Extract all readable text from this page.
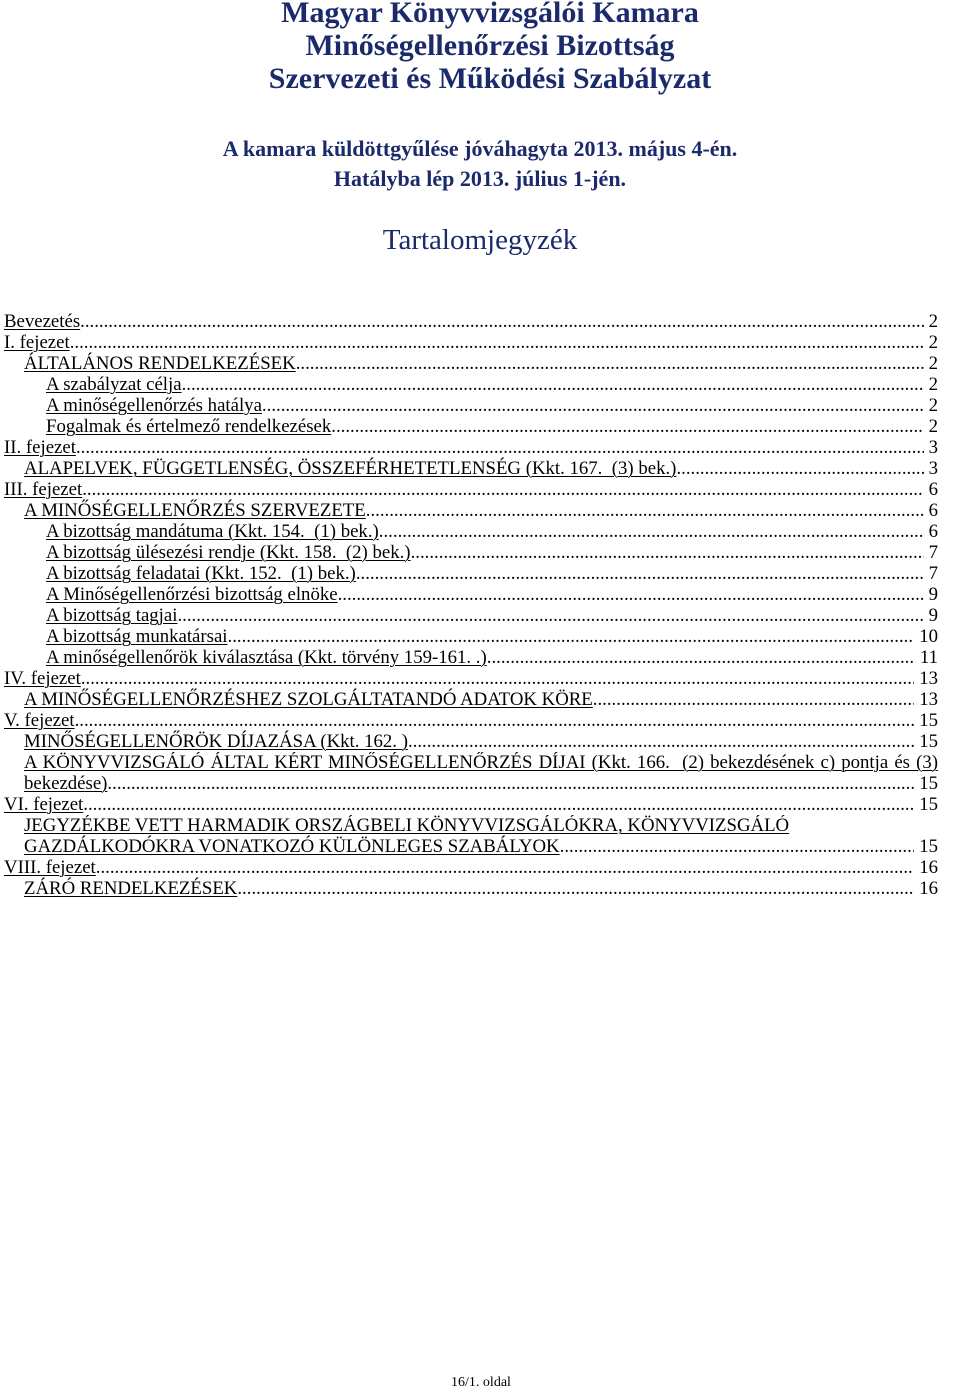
Magyar Könyvvizsgálói Kamara
Minőségellenőrzési Bizottság
Szervezeti és Működési Szabályzat
A kamara küldöttgyűlése jóváhagyta 2013. május 4-én.
Hatályba lép 2013. július 1-jén.
Tartalomjegyzék
Bevezetés .....	2
I. fejezet .....	2
ÁLTALÁNOS RENDELKEZÉSEK .....	2
A szabályzat célja .....	2
A minőségellenőrzés hatálya .....	2
Fogalmak és értelmező rendelkezések .....	2
II. fejezet .....	3
ALAPELVEK, FÜGGETLENSÉG, ÖSSZEFÉRHETETLENSÉG (Kkt. 167.  (3) bek.) .....	3
III. fejezet .....	6
A MINŐSÉGELLENŐRZÉS SZERVEZETE .....	6
A bizottság mandátuma (Kkt. 154.  (1) bek.) .....	6
A bizottság ülésezési rendje (Kkt. 158.  (2) bek.) .....	7
A bizottság feladatai (Kkt. 152.  (1) bek.) .....	7
A Minőségellenőrzési bizottság elnöke .....	9
A bizottság tagjai .....	9
A bizottság munkatársai .....	10
A minőségellenőrök kiválasztása (Kkt. törvény 159-161. .) .....	11
IV. fejezet .....	13
A MINŐSÉGELLENŐRZÉSHEZ SZOLGÁLTATANDÓ ADATOK KÖRE .....	13
V. fejezet .....	15
MINŐSÉGELLENŐRÖK DÍJAZÁSA (Kkt. 162. ) .....	15
A KÖNYVVIZSGÁLÓ ÁLTAL KÉRT MINŐSÉGELLENŐRZÉS DÍJAI (Kkt. 166.  (2) bekezdésének c) pontja és (3)
bekezdése) .....	15
VI. fejezet .....	15
JEGYZÉKBE VETT HARMADIK ORSZÁGBELI KÖNYVVIZSGÁLÓKRA, KÖNYVVIZSGÁLÓ
GAZDÁLKODÓKRA VONATKOZÓ KÜLÖNLEGES SZABÁLYOK .....	15
VIII. fejezet .....	16
ZÁRÓ RENDELKEZÉSEK .....	16
16/1. oldal
